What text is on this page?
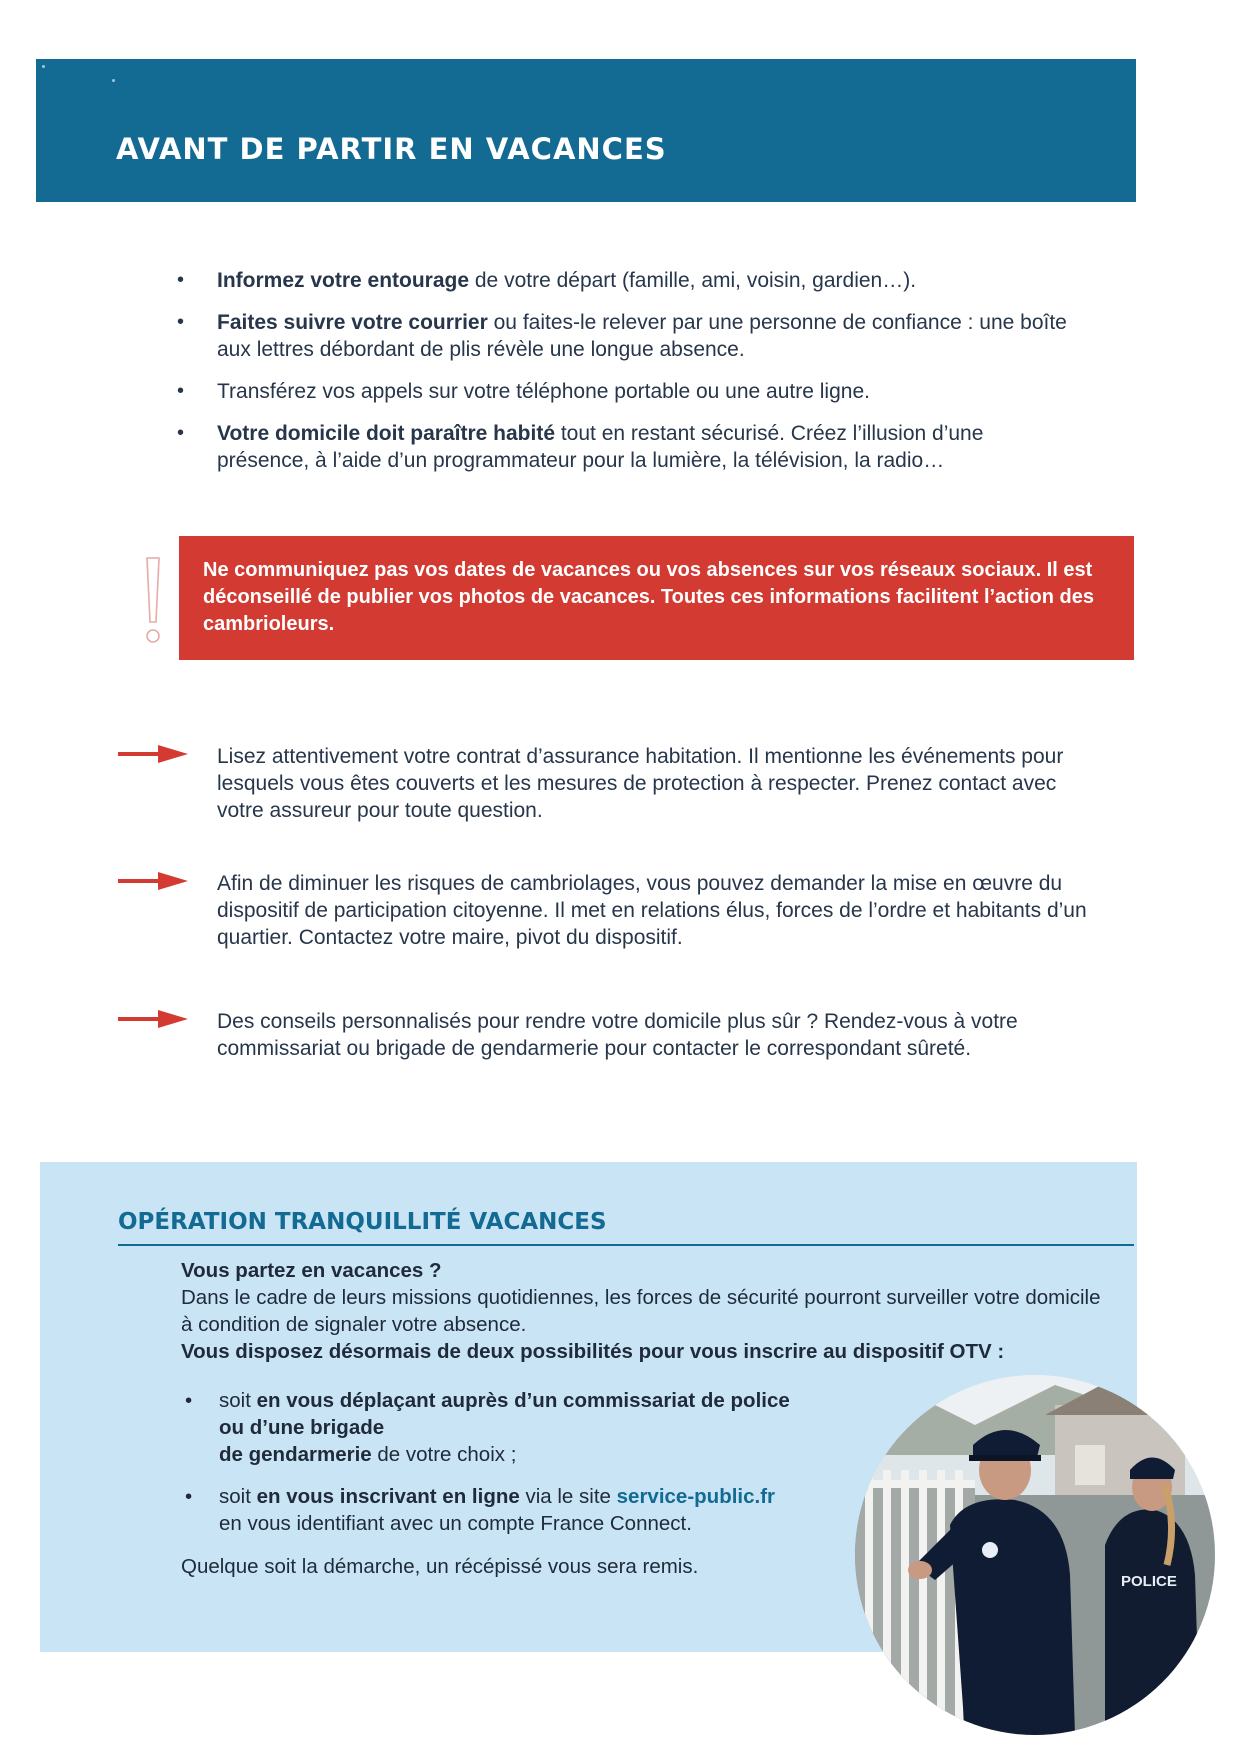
AVANT DE PARTIR EN VACANCES
• Informez votre entourage de votre départ (famille, ami, voisin, gardien…).
• Faites suivre votre courrier ou faites-le relever par une personne de confiance : une boîte aux lettres débordant de plis révèle une longue absence.
• Transférez vos appels sur votre téléphone portable ou une autre ligne.
• Votre domicile doit paraître habité tout en restant sécurisé. Créez l’illusion d’une présence, à l’aide d’un programmateur pour la lumière, la télévision, la radio…
Ne communiquez pas vos dates de vacances ou vos absences sur vos réseaux sociaux. Il est déconseillé de publier vos photos de vacances. Toutes ces informations facilitent l’action des cambrioleurs.
Lisez attentivement votre contrat d’assurance habitation. Il mentionne les événements pour lesquels vous êtes couverts et les mesures de protection à respecter. Prenez contact avec votre assureur pour toute question.
Afin de diminuer les risques de cambriolages, vous pouvez demander la mise en œuvre du dispositif de participation citoyenne. Il met en relations élus, forces de l’ordre et habitants d’un quartier. Contactez votre maire, pivot du dispositif.
Des conseils personnalisés pour rendre votre domicile plus sûr ? Rendez-vous à votre commissariat ou brigade de gendarmerie pour contacter le correspondant sûreté.
OPÉRATION TRANQUILLITÉ VACANCES

Vous partez en vacances ?

Dans le cadre de leurs missions quotidiennes, les forces de sécurité pourront surveiller votre domicile à condition de signaler votre absence.

Vous disposez désormais de deux possibilités pour vous inscrire au dispositif OTV :

• soit en vous déplaçant auprès d’un commissariat de police
ou d’une brigade
de gendarmerie de votre choix ;
• soit en vous inscrivant en ligne via le site service-public.fr
en vous identifiant avec un compte France Connect.

Quelque soit la démarche, un récépissé vous sera remis.

POLICE
